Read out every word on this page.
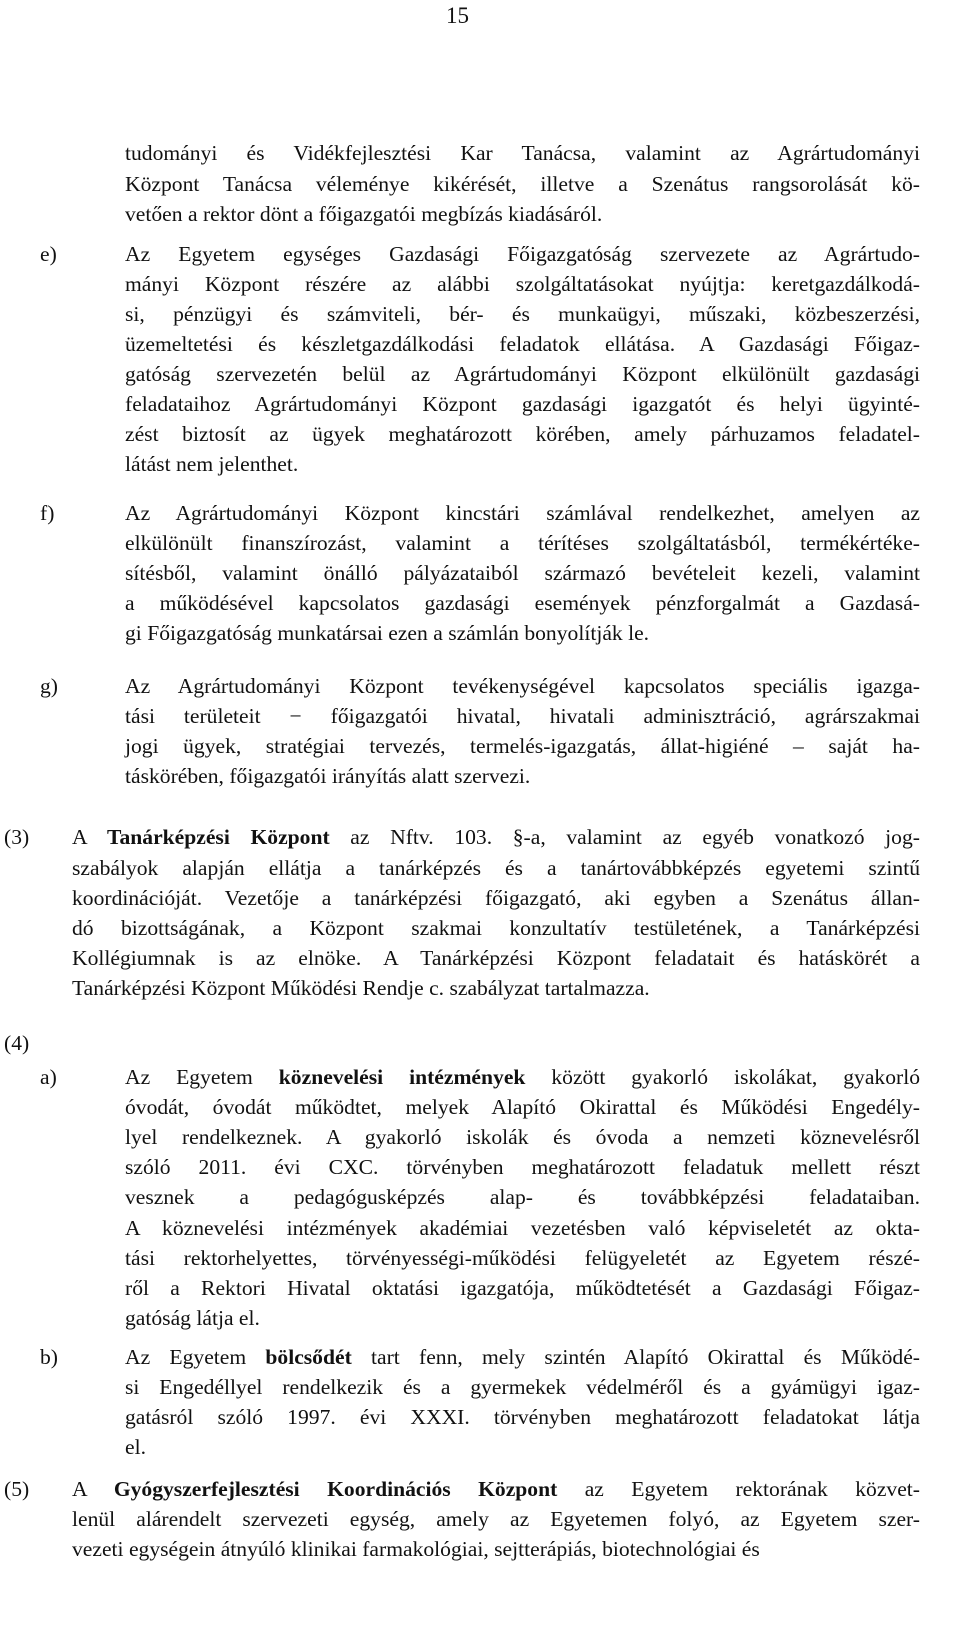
15
tudományi és Vidékfejlesztési Kar Tanácsa, valamint az Agrártudományi
Központ Tanácsa véleménye kikérését, illetve a Szenátus rangsorolását kö-
vetően a rektor dönt a főigazgatói megbízás kiadásáról.
e)	Az Egyetem egységes Gazdasági Főigazgatóság szervezete az Agrártudo-
mányi Központ részére az alábbi szolgáltatásokat nyújtja: keretgazdálkodá-
si, pénzügyi és számviteli, bér- és munkaügyi, műszaki, közbeszerzési,
üzemeltetési és készletgazdálkodási feladatok ellátása. A Gazdasági Főigaz-
gatóság szervezetén belül az Agrártudományi Központ elkülönült gazdasági
feladataihoz Agrártudományi Központ gazdasági igazgatót és helyi ügyinté-
zést biztosít az ügyek meghatározott körében, amely párhuzamos feladatel-
látást nem jelenthet.
f)	Az Agrártudományi Központ kincstári számlával rendelkezhet, amelyen az
elkülönült finanszírozást, valamint a térítéses szolgáltatásból, termékértéke-
sítésből, valamint önálló pályázataiból származó bevételeit kezeli, valamint
a működésével kapcsolatos gazdasági események pénzforgalmát a Gazdasá-
gi Főigazgatóság munkatársai ezen a számlán bonyolítják le.
g)	Az Agrártudományi Központ tevékenységével kapcsolatos speciális igazga-
tási területeit − főigazgatói hivatal, hivatali adminisztráció, agrárszakmai
jogi ügyek, stratégiai tervezés, termelés-igazgatás, állat-higiéné – saját ha-
táskörében, főigazgatói irányítás alatt szervezi.
(3) A Tanárképzési Központ az Nftv. 103. §-a, valamint az egyéb vonatkozó jog-
szabályok alapján ellátja a tanárképzés és a tanártovábbképzés egyetemi szintű
koordinációját. Vezetője a tanárképzési főigazgató, aki egyben a Szenátus állan-
dó bizottságának, a Központ szakmai konzultatív testületének, a Tanárképzési
Kollégiumnak is az elnöke. A Tanárképzési Központ feladatait és hatáskörét a
Tanárképzési Központ Működési Rendje c. szabályzat tartalmazza.
(4)
a)	Az Egyetem köznevelési intézmények között gyakorló iskolákat, gyakorló
óvodát, óvodát működtet, melyek Alapító Okirattal és Működési Engedély-
lyel rendelkeznek. A gyakorló iskolák és óvoda a nemzeti köznevelésről
szóló 2011. évi CXC. törvényben meghatározott feladatuk mellett részt
vesznek a pedagógusképzés alap- és továbbképzési feladataiban.
A köznevelési intézmények akadémiai vezetésben való képviseletét az okta-
tási rektorhelyettes, törvényességi-működési felügyeletét az Egyetem részé-
ről a Rektori Hivatal oktatási igazgatója, működtetését a Gazdasági Főigaz-
gatóság látja el.
b)	Az Egyetem bölcsődét tart fenn, mely szintén Alapító Okirattal és Működé-
si Engedéllyel rendelkezik és a gyermekek védelméről és a gyámügyi igaz-
gatásról szóló 1997. évi XXXI. törvényben meghatározott feladatokat látja
el.
(5) A Gyógyszerfejlesztési Koordinációs Központ az Egyetem rektorának közvet-
lenül alárendelt szervezeti egység, amely az Egyetemen folyó, az Egyetem szer-
vezeti egységein átnyúló klinikai farmakológiai, sejtterápiás, biotechnológiai és
